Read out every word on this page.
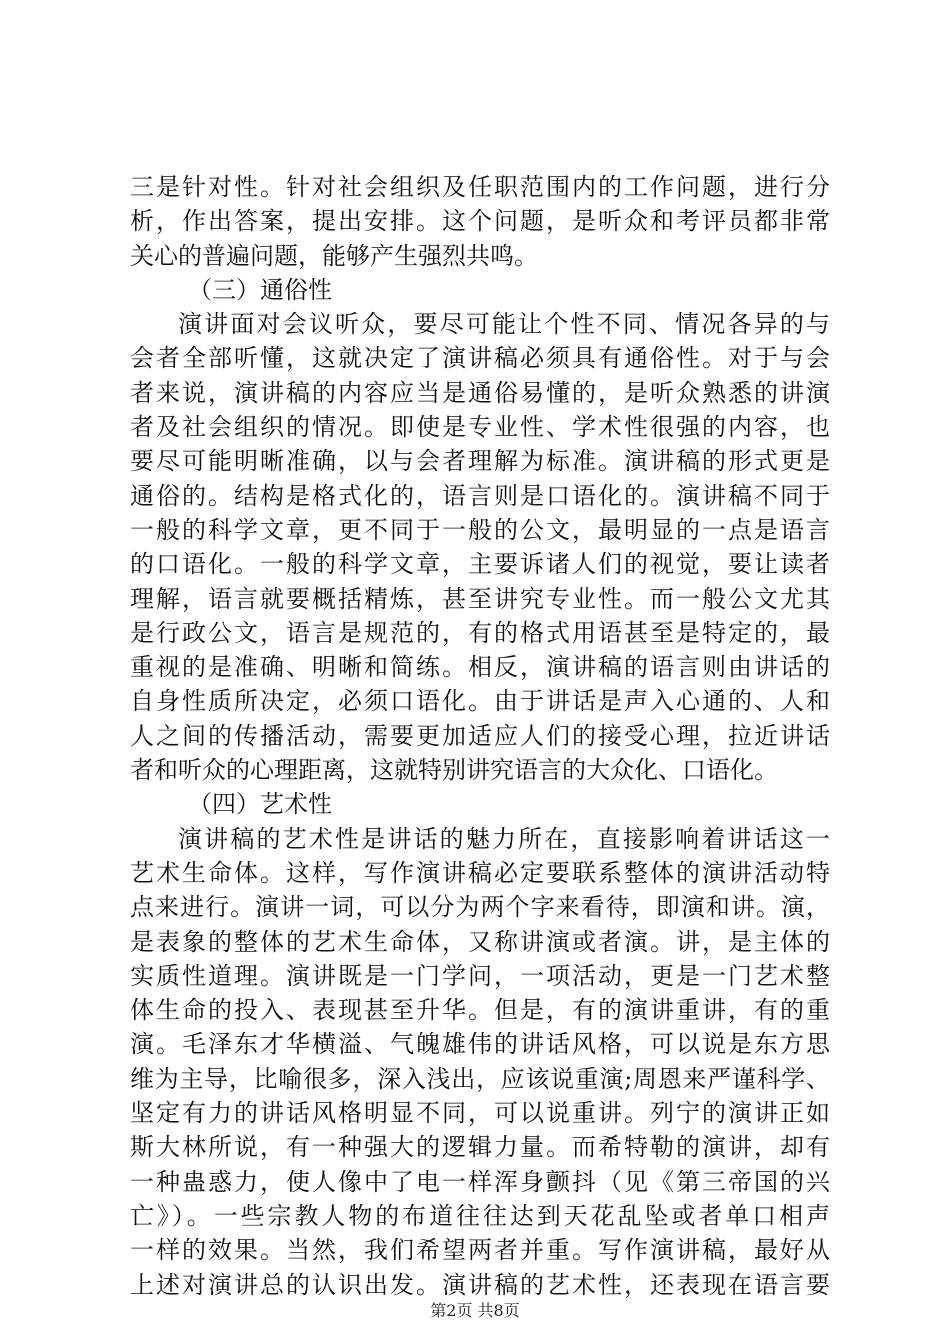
三是针对性。针对社会组织及任职范围内的工作问题，进行分
析，作出答案，提出安排。这个问题，是听众和考评员都非常
关心的普遍问题，能够产生强烈共鸣。
（三）通俗性
演讲面对会议听众，要尽可能让个性不同、情况各异的与
会者全部听懂，这就决定了演讲稿必须具有通俗性。对于与会
者来说，演讲稿的内容应当是通俗易懂的，是听众熟悉的讲演
者及社会组织的情况。即使是专业性、学术性很强的内容，也
要尽可能明晰准确，以与会者理解为标准。演讲稿的形式更是
通俗的。结构是格式化的，语言则是口语化的。演讲稿不同于
一般的科学文章，更不同于一般的公文，最明显的一点是语言
的口语化。一般的科学文章，主要诉诸人们的视觉，要让读者
理解，语言就要概括精炼，甚至讲究专业性。而一般公文尤其
是行政公文，语言是规范的，有的格式用语甚至是特定的，最
重视的是准确、明晰和简练。相反，演讲稿的语言则由讲话的
自身性质所决定，必须口语化。由于讲话是声入心通的、人和
人之间的传播活动，需要更加适应人们的接受心理，拉近讲话
者和听众的心理距离，这就特别讲究语言的大众化、口语化。
（四）艺术性
演讲稿的艺术性是讲话的魅力所在，直接影响着讲话这一
艺术生命体。这样，写作演讲稿必定要联系整体的演讲活动特
点来进行。演讲一词，可以分为两个字来看待，即演和讲。演，
是表象的整体的艺术生命体，又称讲演或者演。讲，是主体的
实质性道理。演讲既是一门学问，一项活动，更是一门艺术整
体生命的投入、表现甚至升华。但是，有的演讲重讲，有的重
演。毛泽东才华横溢、气魄雄伟的讲话风格，可以说是东方思
维为主导，比喻很多，深入浅出，应该说重演;周恩来严谨科学、
坚定有力的讲话风格明显不同，可以说重讲。列宁的演讲正如
斯大林所说，有一种强大的逻辑力量。而希特勒的演讲，却有
一种蛊惑力，使人像中了电一样浑身颤抖（见《第三帝国的兴
亡》）。一些宗教人物的布道往往达到天花乱坠或者单口相声
一样的效果。当然，我们希望两者并重。写作演讲稿，最好从
上述对演讲总的认识出发。演讲稿的艺术性，还表现在语言要
第2页 共8页
